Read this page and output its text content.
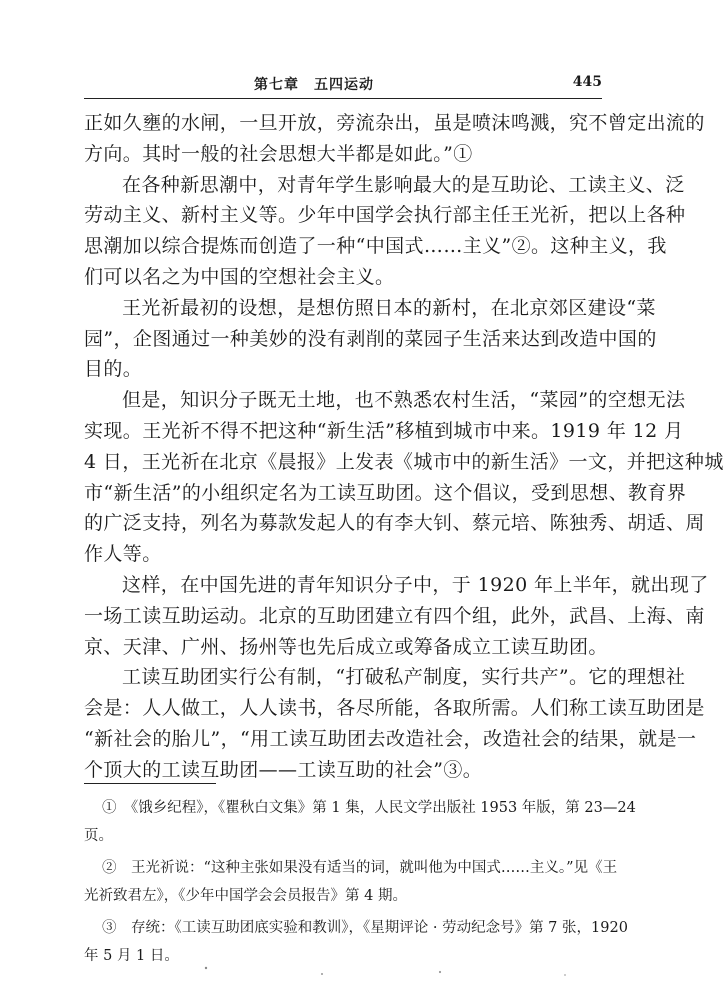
第七章　五四运动	445
正如久壅的水闸，一旦开放，旁流杂出，虽是喷沫鸣溅，究不曾定出流的
方向。其时一般的社会思想大半都是如此。”①
在各种新思潮中，对青年学生影响最大的是互助论、工读主义、泛
劳动主义、新村主义等。少年中国学会执行部主任王光祈，把以上各种
思潮加以综合提炼而创造了一种“中国式……主义”②。这种主义，我
们可以名之为中国的空想社会主义。
王光祈最初的设想，是想仿照日本的新村，在北京郊区建设“菜
园”，企图通过一种美妙的没有剥削的菜园子生活来达到改造中国的
目的。
但是，知识分子既无土地，也不熟悉农村生活，“菜园”的空想无法
实现。王光祈不得不把这种“新生活”移植到城市中来。1919 年 12 月
4 日，王光祈在北京《晨报》上发表《城市中的新生活》一文，并把这种城
市“新生活”的小组织定名为工读互助团。这个倡议，受到思想、教育界
的广泛支持，列名为募款发起人的有李大钊、蔡元培、陈独秀、胡适、周
作人等。
这样，在中国先进的青年知识分子中，于 1920 年上半年，就出现了
一场工读互助运动。北京的互助团建立有四个组，此外，武昌、上海、南
京、天津、广州、扬州等也先后成立或筹备成立工读互助团。
工读互助团实行公有制，“打破私产制度，实行共产”。它的理想社
会是：人人做工，人人读书，各尽所能，各取所需。人们称工读互助团是
“新社会的胎儿”，“用工读互助团去改造社会，改造社会的结果，就是一
个顶大的工读互助团——工读互助的社会”③。
①　《饿乡纪程》，《瞿秋白文集》第 1 集，人民文学出版社 1953 年版，第 23—24
页。
②　王光祈说：“这种主张如果没有适当的词，就叫他为中国式……主义。”见《王
光祈致君左》，《少年中国学会会员报告》第 4 期。
③　存统：《工读互助团底实验和教训》，《星期评论 · 劳动纪念号》第 7 张，1920
年 5 月 1 日。
